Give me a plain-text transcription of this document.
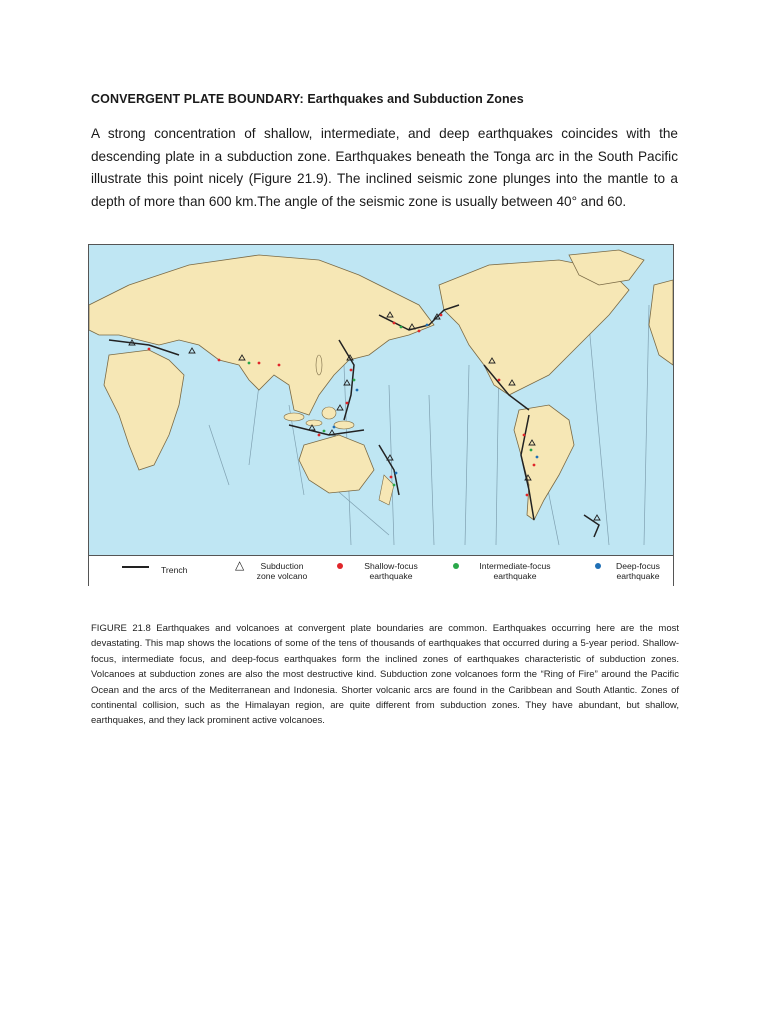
CONVERGENT PLATE BOUNDARY: Earthquakes and Subduction Zones
A strong concentration of shallow, intermediate, and deep earthquakes coincides with the descending plate in a subduction zone. Earthquakes beneath the Tonga arc in the South Pacific illustrate this point nicely (Figure 21.9). The inclined seismic zone plunges into the mantle to a depth of more than 600 km.The angle of the seismic zone is usually between 40° and 60.
Trench	△	Subduction
zone volcano
Shallow-focus
earthquake
Intermediate-focus
earthquake
Deep-focus
earthquake
FIGURE 21.8 Earthquakes and volcanoes at convergent plate boundaries are common. Earthquakes occurring here are the most devastating. This map shows the locations of some of the tens of thousands of earthquakes that occurred during a 5-year period. Shallow-focus, intermediate focus, and deep-focus earthquakes form the inclined zones of earthquakes characteristic of subduction zones. Volcanoes at subduction zones are also the most destructive kind. Subduction zone volcanoes form the “Ring of Fire” around the Pacific Ocean and the arcs of the Mediterranean and Indonesia. Shorter volcanic arcs are found in the Caribbean and South Atlantic. Zones of continental collision, such as the Himalayan region, are quite different from subduction zones. They have abundant, but shallow, earthquakes, and they lack prominent active volcanoes.
